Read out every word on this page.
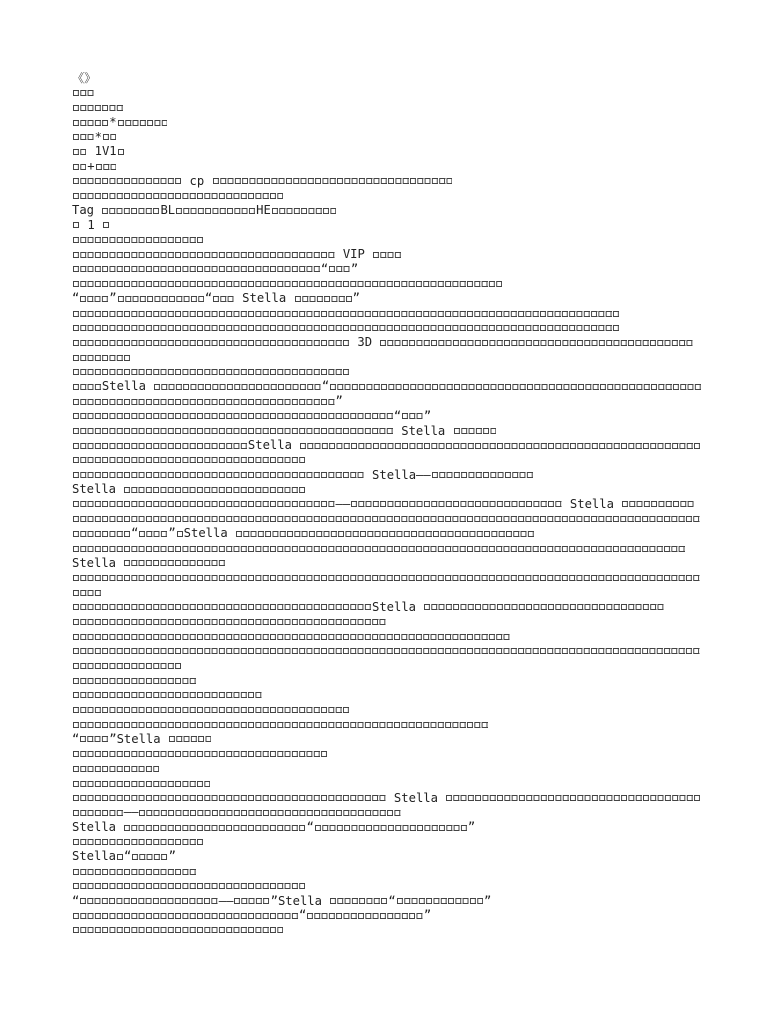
《》
*
*
1V1
+
cp
Tag	BL	HE
1
VIP
“ ”
“ ”	“ Stella	”
3D
Stella	“
”
“ ”
Stella
Stella
Stella——
Stella
——	Stella
“ ” Stella
Stella
Stella
“ ”Stella
Stella
——
Stella	“	”
Stella “	”
“	——	”Stella	“	”
“	”
